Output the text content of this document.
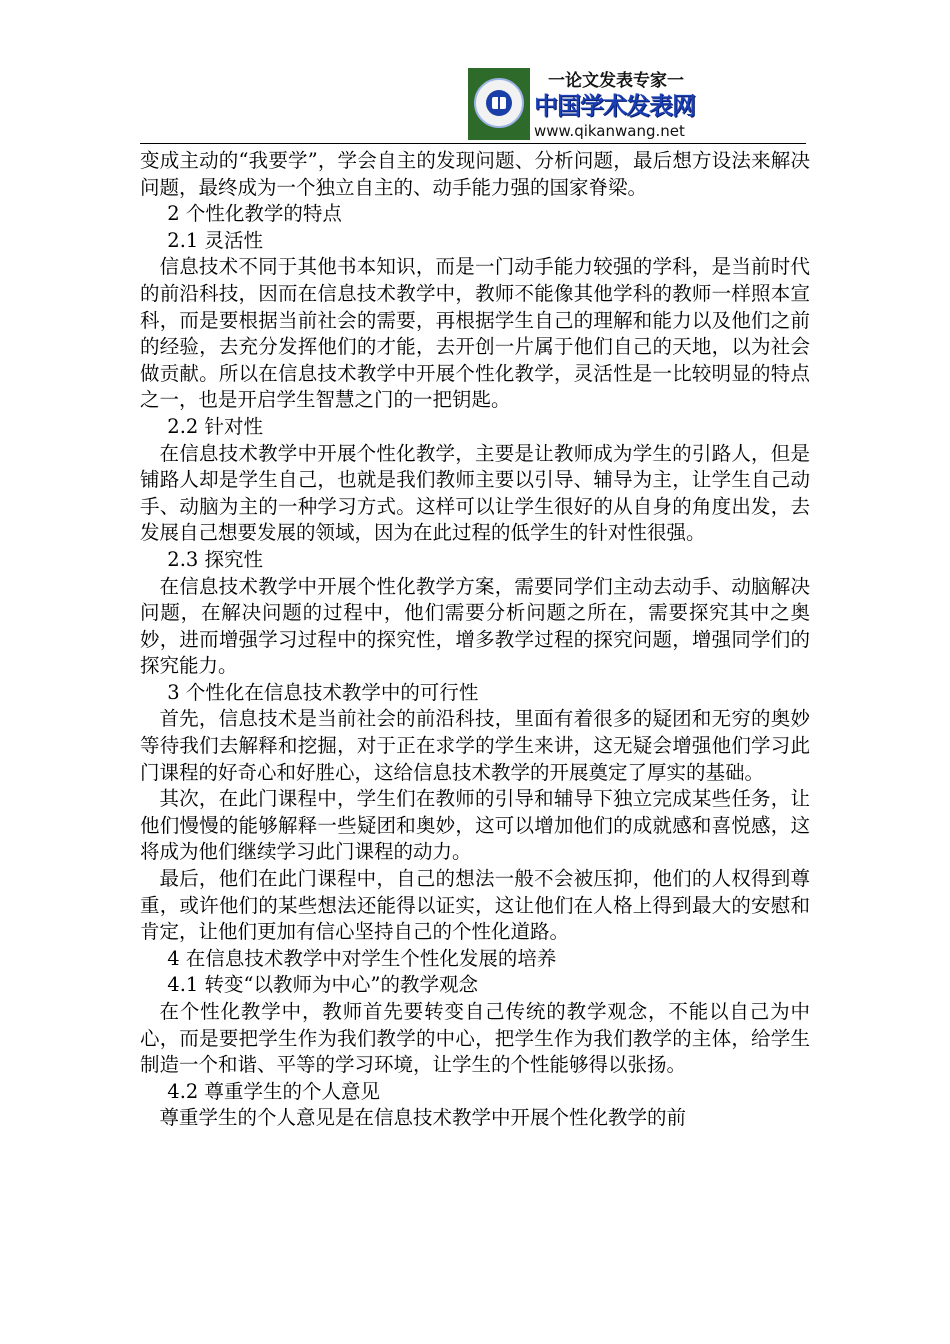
一论文发表专家一
中国学术发表网
www.qikanwang.net

变成主动的“我要学”，学会自主的发现问题、分析问题，最后想方设法来解决问题，最终成为一个独立自主的、动手能力强的国家脊梁。

2 个性化教学的特点

2.1 灵活性

信息技术不同于其他书本知识，而是一门动手能力较强的学科，是当前时代的前沿科技，因而在信息技术教学中，教师不能像其他学科的教师一样照本宣科，而是要根据当前社会的需要，再根据学生自己的理解和能力以及他们之前的经验，去充分发挥他们的才能，去开创一片属于他们自己的天地，以为社会做贡献。所以在信息技术教学中开展个性化教学，灵活性是一比较明显的特点之一，也是开启学生智慧之门的一把钥匙。

2.2 针对性

在信息技术教学中开展个性化教学，主要是让教师成为学生的引路人，但是铺路人却是学生自己，也就是我们教师主要以引导、辅导为主，让学生自己动手、动脑为主的一种学习方式。这样可以让学生很好的从自身的角度出发，去发展自己想要发展的领域，因为在此过程的低学生的针对性很强。

2.3 探究性

在信息技术教学中开展个性化教学方案，需要同学们主动去动手、动脑解决问题，在解决问题的过程中，他们需要分析问题之所在，需要探究其中之奥妙，进而增强学习过程中的探究性，增多教学过程的探究问题，增强同学们的探究能力。

3 个性化在信息技术教学中的可行性

首先，信息技术是当前社会的前沿科技，里面有着很多的疑团和无穷的奥妙等待我们去解释和挖掘，对于正在求学的学生来讲，这无疑会增强他们学习此门课程的好奇心和好胜心，这给信息技术教学的开展奠定了厚实的基础。

其次，在此门课程中，学生们在教师的引导和辅导下独立完成某些任务，让他们慢慢的能够解释一些疑团和奥妙，这可以增加他们的成就感和喜悦感，这将成为他们继续学习此门课程的动力。

最后，他们在此门课程中，自己的想法一般不会被压抑，他们的人权得到尊重，或许他们的某些想法还能得以证实，这让他们在人格上得到最大的安慰和肯定，让他们更加有信心坚持自己的个性化道路。

4 在信息技术教学中对学生个性化发展的培养

4.1 转变“以教师为中心”的教学观念

在个性化教学中，教师首先要转变自己传统的教学观念，不能以自己为中心，而是要把学生作为我们教学的中心，把学生作为我们教学的主体，给学生制造一个和谐、平等的学习环境，让学生的个性能够得以张扬。

4.2 尊重学生的个人意见

尊重学生的个人意见是在信息技术教学中开展个性化教学的前
